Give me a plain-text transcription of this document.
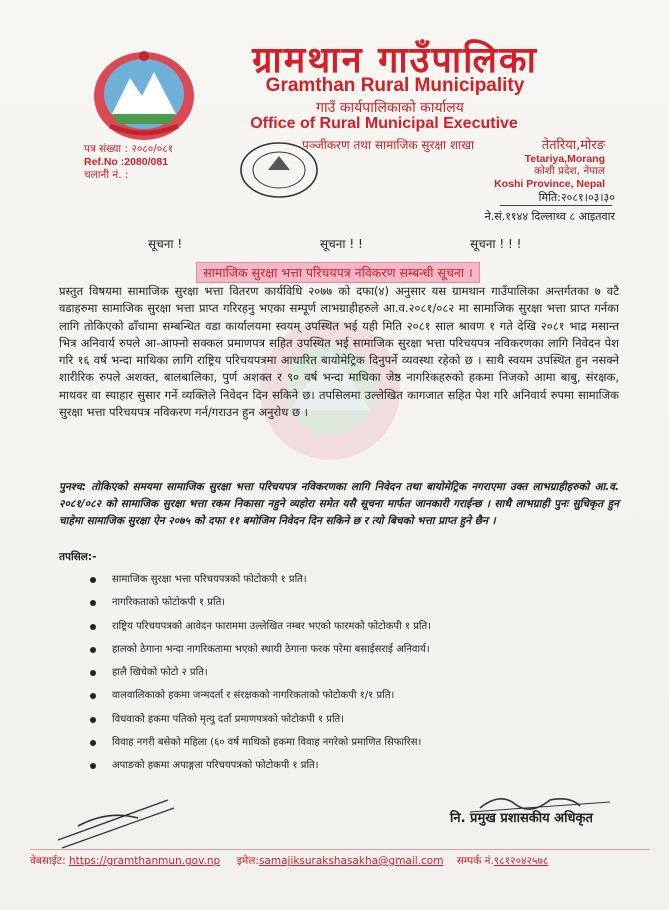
ग्रामथान गाउँपालिका
Gramthan Rural Municipality
गाउँ कार्यपालिकाको कार्यालय
Office of Rural Municipal Executive
पञ्जीकरण तथा सामाजिक सुरक्षा शाखा
पत्र संख्या : २०८०/०८१
Ref.No :2080/081
चलानी नं. :
तेतरिया,मोरङ
Tetariya,Morang
कोशी प्रदेश, नेपाल
Koshi Province, Nepal
मिति:२०८१।०३।३०
ने.सं.११४४ दिल्लाथ्व ८ आइतवार
सूचना !	सूचना ! !	सूचना ! ! !
सामाजिक सुरक्षा भत्ता परिचयपत्र नविकरण सम्बन्धी सूचना ।
प्रस्तुत विषयमा सामाजिक सुरक्षा भत्ता वितरण कार्यविधि २०७७ को दफा(४) अनुसार यस ग्रामथान गाउँपालिका अन्तर्गतका ७ वटै वडाहरुमा सामाजिक सुरक्षा भत्ता प्राप्त गरिरहनु भएका सम्पूर्ण लाभग्राहीहरुले आ.व.२०८१/०८२ मा सामाजिक सुरक्षा भत्ता प्राप्त गर्नका लागि तोकिएको ढाँचामा सम्बन्धित वडा कार्यालयमा स्वयम् उपस्थित भई यही मिति २०८१ साल श्रावण १ गते देखि २०८१ भाद्र मसान्त भित्र अनिवार्य रुपले आ-आफ्नो सक्कल प्रमाणपत्र सहित उपस्थित भई सामाजिक सुरक्षा भत्ता परिचयपत्र नविकरणका लागि निवेदन पेश गरि १६ वर्ष भन्दा माथिका लागि राष्ट्रिय परिचयपत्रमा आधारित बायोमेट्रिक दिनुपर्ने व्यवस्था रहेको छ । साथै स्वयम उपस्थित हुन नसक्ने शारीरिक रुपले अशक्त, बालबालिका, पुर्ण अशक्त र ९० वर्ष भन्दा माथिका जेष्ठ नागरिकहरुको हकमा निजको आमा बाबु, संरक्षक, माथवर वा स्याहार सुसार गर्ने व्यक्तिले निवेदन दिन सकिने छ। तपसिलमा उल्लेखित कागजात सहित पेश गरि अनिवार्य रुपमा सामाजिक सुरक्षा भत्ता परिचयपत्र नविकरण गर्न/गराउन हुन अनुरोध छ ।
पुनश्च: तोकिएको समयमा सामाजिक सुरक्षा भत्ता परिचयपत्र नविकरणका लागि निवेदन तथा बायोमेट्रिक नगराएमा उक्त लाभग्राहीहरुको आ.व. २०८१/०८२ को सामाजिक सुरक्षा भत्ता रकम निकासा नहुने व्यहोरा समेत यसै सूचना मार्फत जानकारी गराईन्छ । साथै लाभग्राही पुनः सुचिकृत हुन चाहेमा सामाजिक सुरक्षा ऐन २०७५ को दफा ११ बमोजिम निवेदन दिन सकिने छ र त्यो बिचको भत्ता प्राप्त हुने छैन ।
तपसिल:-
सामाजिक सुरक्षा भत्ता परिचयपत्रको फोटोकपी १ प्रति।
नागरिकताको फोटोकपी १ प्रति।
राष्ट्रिय परिचयपत्रको आवेदन फाराममा उल्लेखित नम्बर भएको फारमको फोटोकपी १ प्रति।
हालको ठेगाना भन्दा नागरिकतामा भएको स्थायी ठेगाना फरक परेमा बसाईसराई अनिवार्य।
हालै खिचेको फोटो २ प्रति।
वालवालिकाको हकमा जन्मदर्ता र संरक्षकको नागरिकताको फोटोकपी १/१ प्रति।
विधवाको हकमा पतिको मृत्यु दर्ता प्रमाणपत्रको फोटोकपी १ प्रति।
विवाह नगरी बसेको महिला (६० वर्ष माथिको हकमा विवाह नगरेको प्रमाणित सिफारिस।
अपाङको हकमा अपाङ्गता परिचयपत्रको फोटोकपी १ प्रति।
नि. प्रमुख प्रशासकीय अधिकृत
वेबसाईट: https://gramthanmun.gov.np इमेल:samajiksurakshasakha@gmail.com सम्पर्क नं.९८१२०४२५७८
